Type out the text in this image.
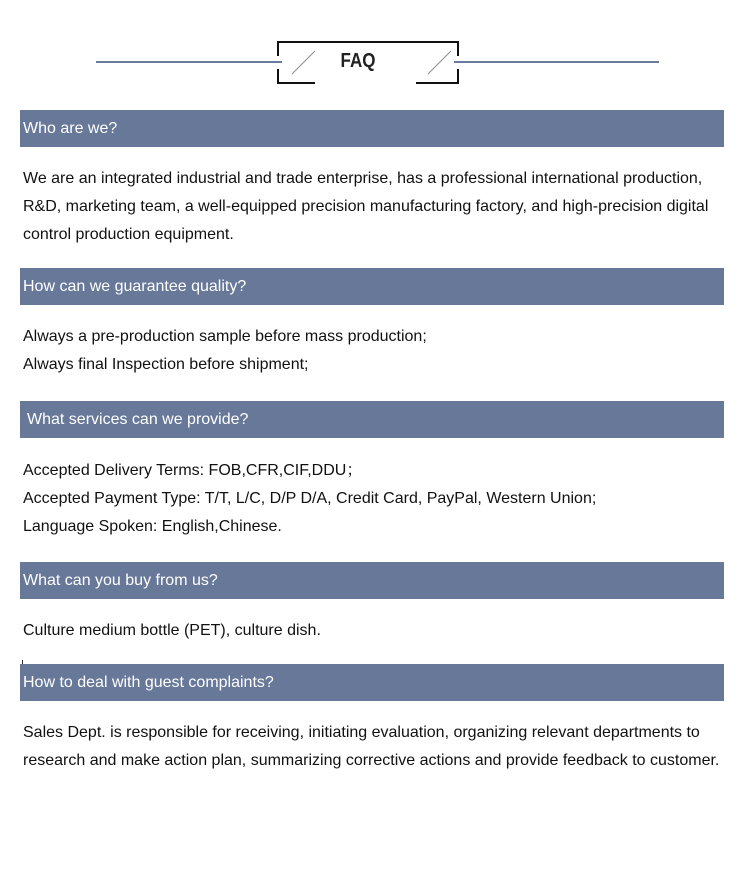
FAQ
Who are we?

We are an integrated industrial and trade enterprise, has a professional international production, R&D, marketing team, a well-equipped precision manufacturing factory, and high-precision digital control production equipment.

How can we guarantee quality?

Always a pre-production sample before mass production;

Always final Inspection before shipment;

What services can we provide?

Accepted Delivery Terms: FOB,CFR,CIF,DDU；

Accepted Payment Type: T/T, L/C, D/P D/A, Credit Card, PayPal, Western Union;

Language Spoken: English,Chinese.

What can you buy from us?

Culture medium bottle (PET), culture dish.

How to deal with guest complaints?

Sales Dept. is responsible for receiving, initiating evaluation, organizing relevant departments to research and make action plan, summarizing corrective actions and provide feedback to customer.
